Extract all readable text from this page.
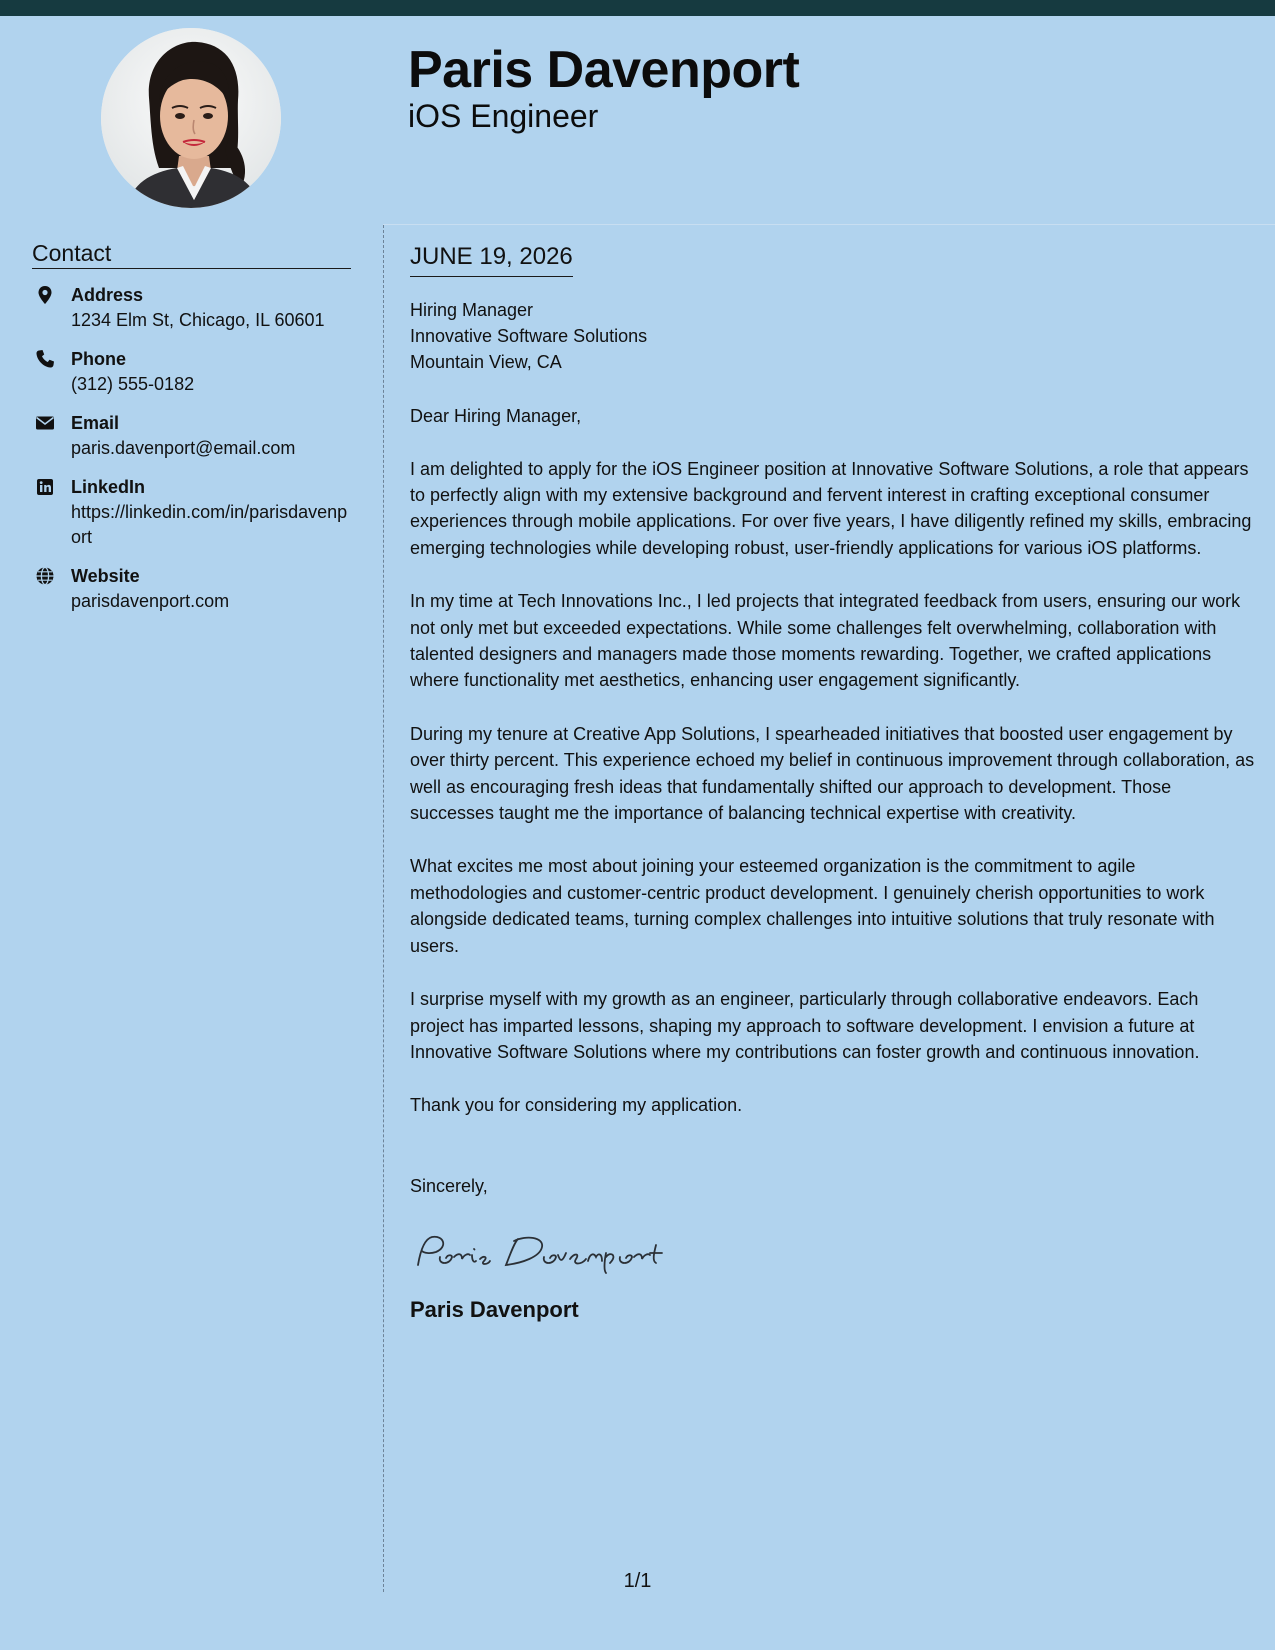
Paris Davenport

iOS Engineer

Contact
Address
1234 Elm St, Chicago, IL 60601
Phone
(312) 555-0182
Email
paris.davenport@email.com
LinkedIn
https://linkedin.com/in/parisdavenport
Website
parisdavenport.com
JUNE 19, 2026
Hiring Manager
Innovative Software Solutions
Mountain View, CA
Dear Hiring Manager,
I am delighted to apply for the iOS Engineer position at Innovative Software Solutions, a role that appears to perfectly align with my extensive background and fervent interest in crafting exceptional consumer experiences through mobile applications. For over five years, I have diligently refined my skills, embracing emerging technologies while developing robust, user-friendly applications for various iOS platforms.
In my time at Tech Innovations Inc., I led projects that integrated feedback from users, ensuring our work not only met but exceeded expectations. While some challenges felt overwhelming, collaboration with talented designers and managers made those moments rewarding. Together, we crafted applications where functionality met aesthetics, enhancing user engagement significantly.
During my tenure at Creative App Solutions, I spearheaded initiatives that boosted user engagement by over thirty percent. This experience echoed my belief in continuous improvement through collaboration, as well as encouraging fresh ideas that fundamentally shifted our approach to development. Those successes taught me the importance of balancing technical expertise with creativity.
What excites me most about joining your esteemed organization is the commitment to agile methodologies and customer-centric product development. I genuinely cherish opportunities to work alongside dedicated teams, turning complex challenges into intuitive solutions that truly resonate with users.
I surprise myself with my growth as an engineer, particularly through collaborative endeavors. Each project has imparted lessons, shaping my approach to software development. I envision a future at Innovative Software Solutions where my contributions can foster growth and continuous innovation.
Thank you for considering my application.
Sincerely,
Paris Davenport
1/1
